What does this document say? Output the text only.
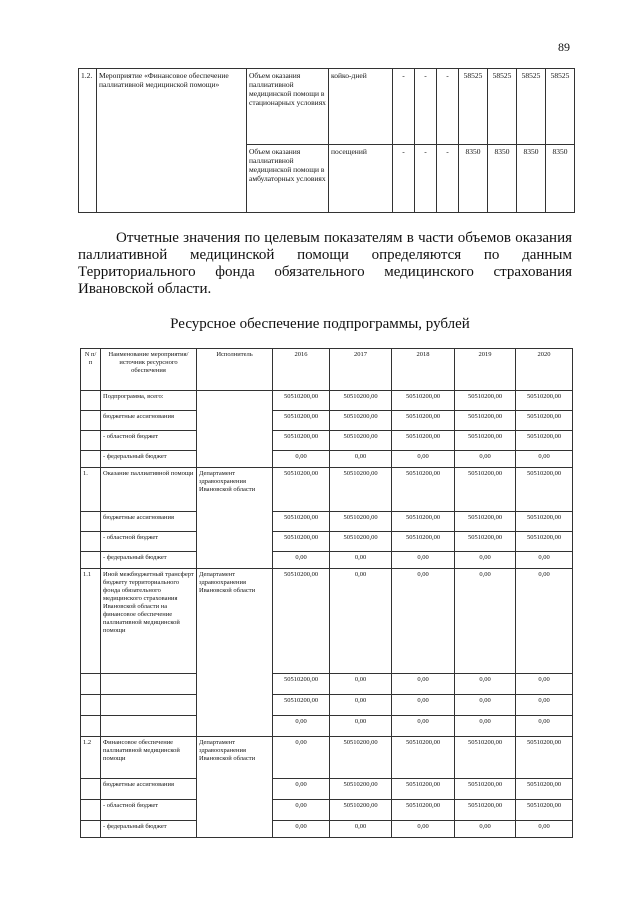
89
1.2.	Мероприятие «Финансовое обеспечение паллиативной медицинской помощи»	Объем оказания паллиативной медицинской помощи в стационарных условиях	койко-дней	-	-	-	58525	58525	58525	58525
		Объем оказания паллиативной медицинской помощи в амбулаторных условиях	посещений	-	-	-	8350	8350	8350	8350

Отчетные значения по целевым показателям в части объемов оказания паллиативной медицинской помощи определяются по данным Территориального фонда обязательного медицинского страхования Ивановской области.

Ресурсное обеспечение подпрограммы, рублей
N п/п	Наименование мероприятия/источник ресурсного обеспечения	Исполнитель	2016	2017	2018	2019	2020
	Подпрограмма, всего:		50510200,00	50510200,00	50510200,00	50510200,00	50510200,00
	бюджетные ассигнования		50510200,00	50510200,00	50510200,00	50510200,00	50510200,00
	- областной бюджет		50510200,00	50510200,00	50510200,00	50510200,00	50510200,00
	- федеральный бюджет		0,00	0,00	0,00	0,00	0,00
1.	Оказание паллиативной помощи	Департамент здравоохранения Ивановской области	50510200,00	50510200,00	50510200,00	50510200,00	50510200,00
	бюджетные ассигнования		50510200,00	50510200,00	50510200,00	50510200,00	50510200,00
	- областной бюджет		50510200,00	50510200,00	50510200,00	50510200,00	50510200,00
	- федеральный бюджет		0,00	0,00	0,00	0,00	0,00
1.1	Иной межбюджетный трансферт бюджету территориального фонда обязательного медицинского страхования Ивановской области на финансовое обеспечение паллиативной медицинской помощи	Департамент здравоохранения Ивановской области	50510200,00	0,00	0,00	0,00	0,00
			50510200,00	0,00	0,00	0,00	0,00
			50510200,00	0,00	0,00	0,00	0,00
			0,00	0,00	0,00	0,00	0,00
1.2	Финансовое обеспечение паллиативной медицинской помощи	Департамент здравоохранения Ивановской области	0,00	50510200,00	50510200,00	50510200,00	50510200,00
	бюджетные ассигнования		0,00	50510200,00	50510200,00	50510200,00	50510200,00
	- областной бюджет		0,00	50510200,00	50510200,00	50510200,00	50510200,00
	- федеральный бюджет		0,00	0,00	0,00	0,00	0,00
